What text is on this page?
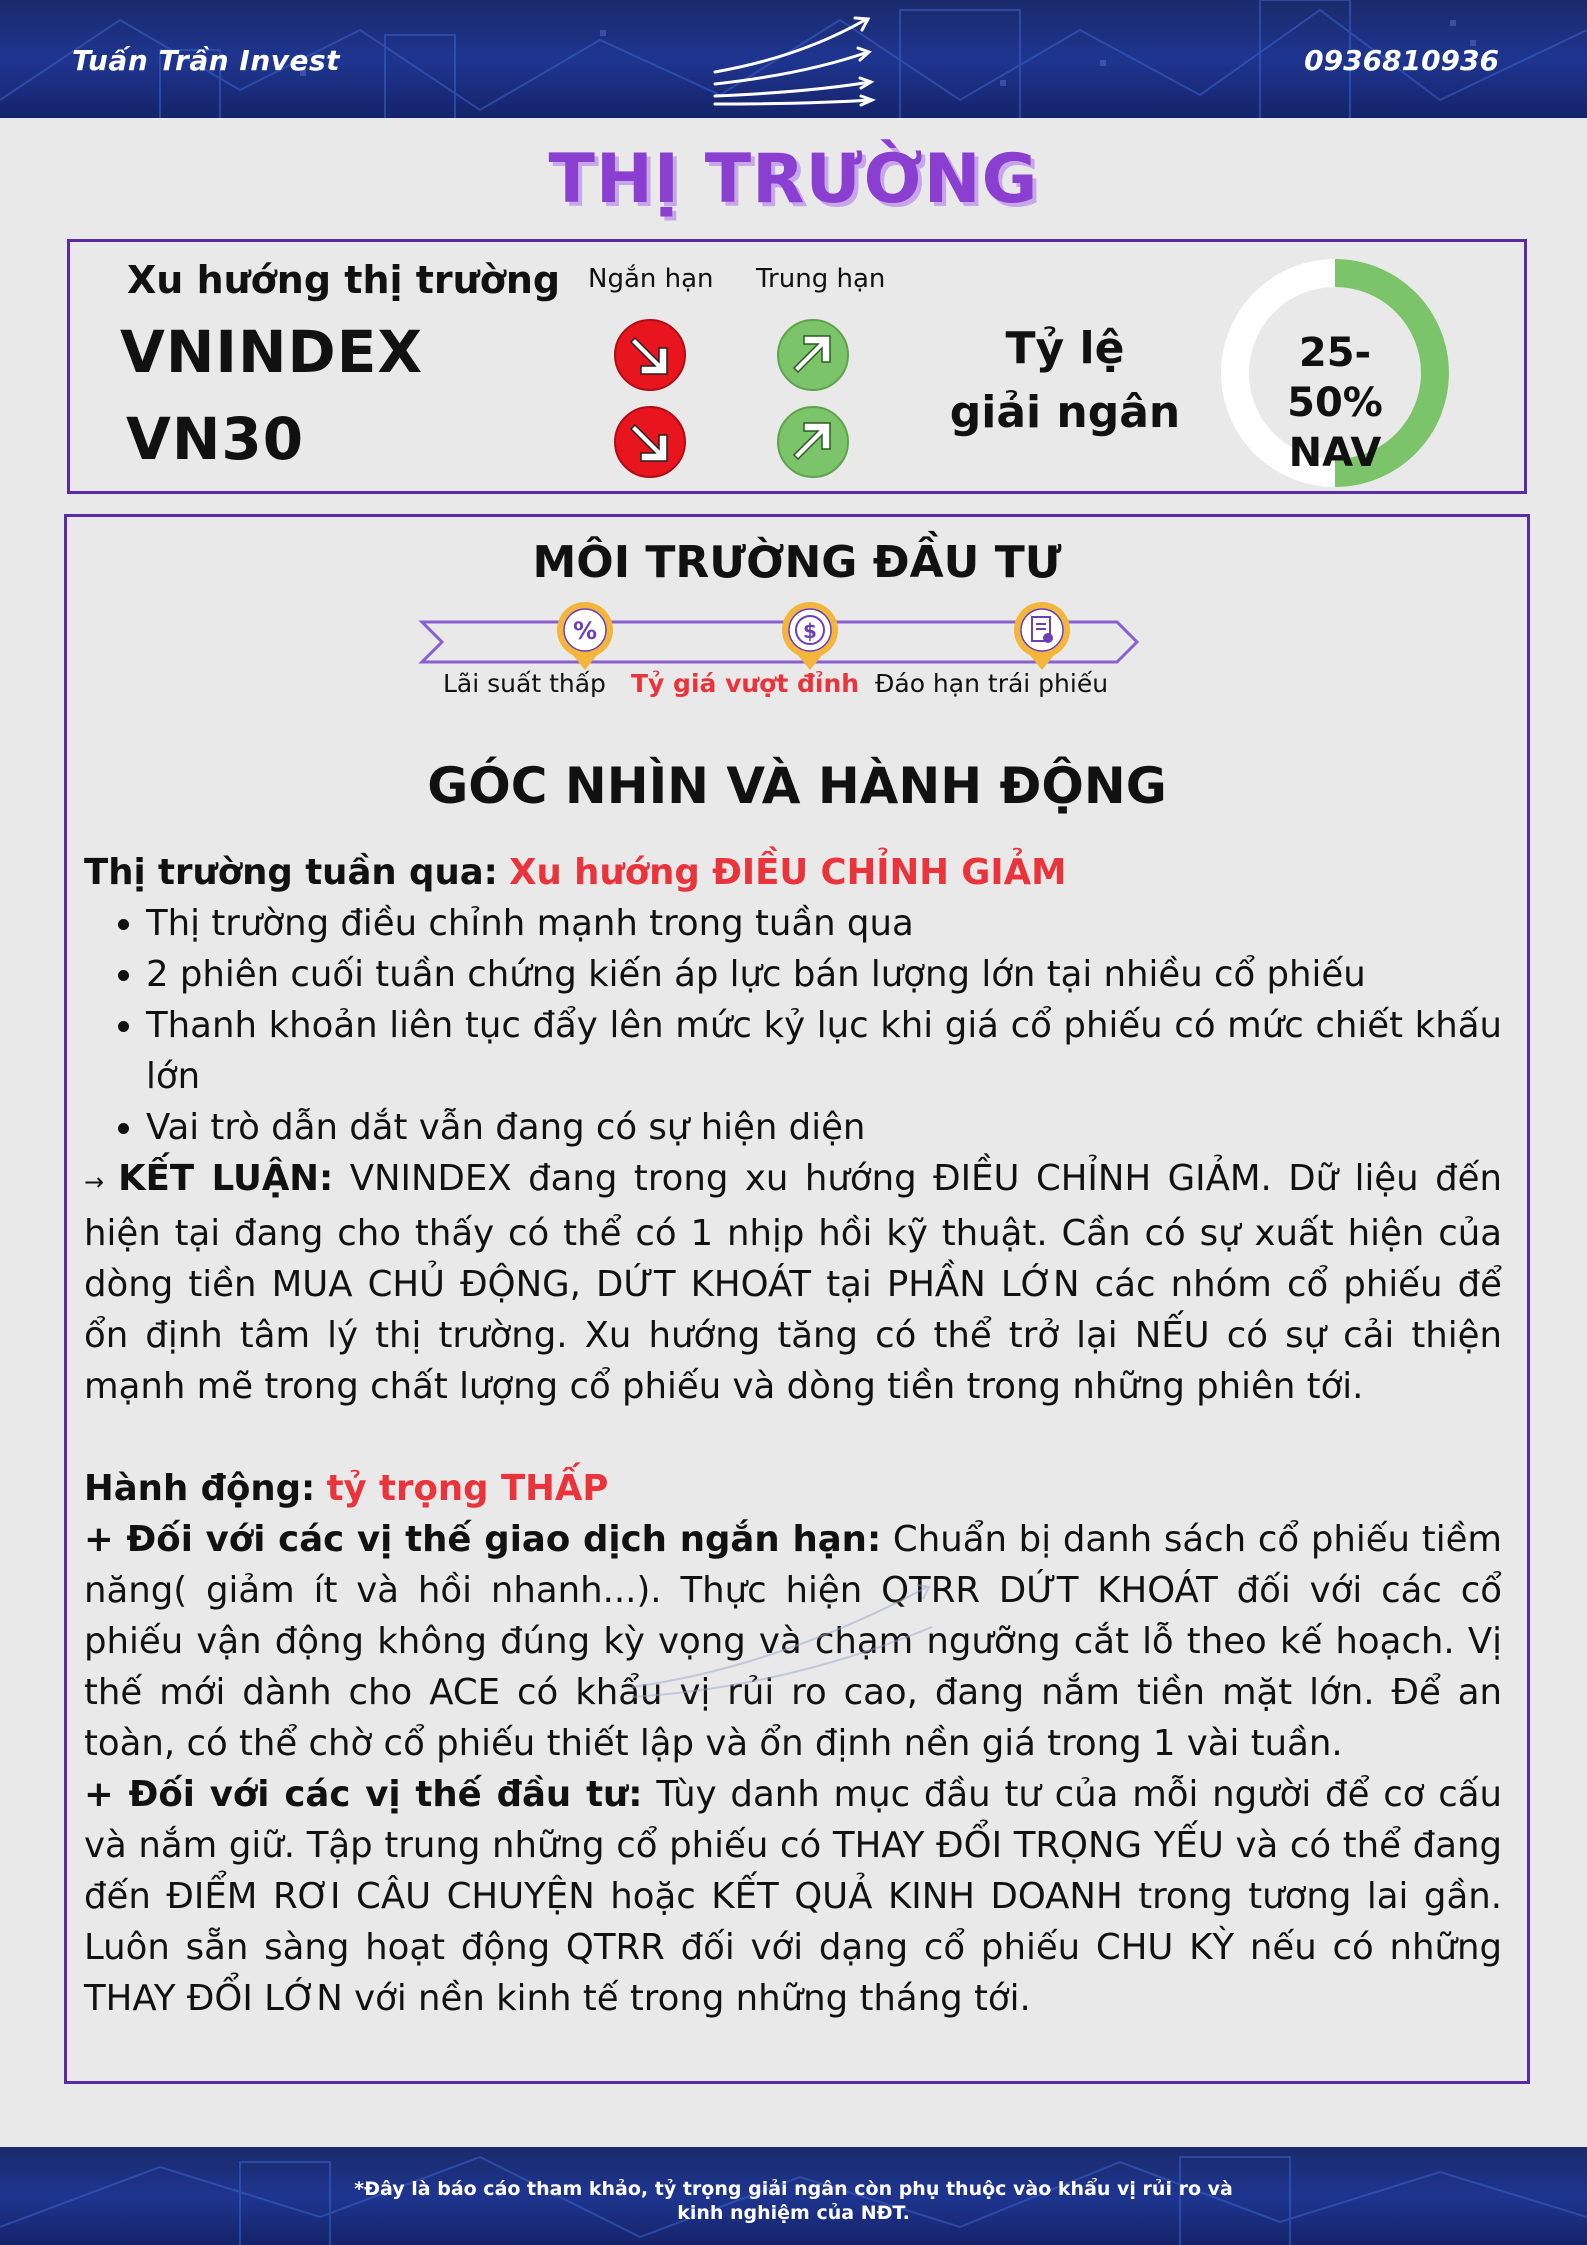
Tuấn Trần Invest	0936810936
THỊ TRƯỜNG
Xu hướng thị trường Ngắn hạn Trung hạn
VNINDEX
VN30
Tỷ lệ
giải ngân
25-50%
NAV
MÔI TRƯỜNG ĐẦU TƯ
%	$
Lãi suất thấp Tỷ giá vượt đỉnh Đáo hạn trái phiếu
GÓC NHÌN VÀ HÀNH ĐỘNG

Thị trường tuần qua: Xu hướng ĐIỀU CHỈNH GIẢM

• Thị trường điều chỉnh mạnh trong tuần qua
• 2 phiên cuối tuần chứng kiến áp lực bán lượng lớn tại nhiều cổ phiếu
• Thanh khoản liên tục đẩy lên mức kỷ lục khi giá cổ phiếu có mức chiết khấu lớn
• Vai trò dẫn dắt vẫn đang có sự hiện diện

→ KẾT LUẬN: VNINDEX đang trong xu hướng ĐIỀU CHỈNH GIẢM. Dữ liệu đến hiện tại đang cho thấy có thể có 1 nhịp hồi kỹ thuật. Cần có sự xuất hiện của dòng tiền MUA CHỦ ĐỘNG, DỨT KHOÁT tại PHẦN LỚN các nhóm cổ phiếu để ổn định tâm lý thị trường. Xu hướng tăng có thể trở lại NẾU có sự cải thiện mạnh mẽ trong chất lượng cổ phiếu và dòng tiền trong những phiên tới.

Hành động: tỷ trọng THẤP

+ Đối với các vị thế giao dịch ngắn hạn: Chuẩn bị danh sách cổ phiếu tiềm năng( giảm ít và hồi nhanh...). Thực hiện QTRR DỨT KHOÁT đối với các cổ phiếu vận động không đúng kỳ vọng và chạm ngưỡng cắt lỗ theo kế hoạch. Vị thế mới dành cho ACE có khẩu vị rủi ro cao, đang nắm tiền mặt lớn. Để an toàn, có thể chờ cổ phiếu thiết lập và ổn định nền giá trong 1 vài tuần.

+ Đối với các vị thế đầu tư: Tùy danh mục đầu tư của mỗi người để cơ cấu và nắm giữ. Tập trung những cổ phiếu có THAY ĐỔI TRỌNG YẾU và có thể đang đến ĐIỂM RƠI CÂU CHUYỆN hoặc KẾT QUẢ KINH DOANH trong tương lai gần. Luôn sẵn sàng hoạt động QTRR đối với dạng cổ phiếu CHU KỲ nếu có những THAY ĐỔI LỚN với nền kinh tế trong những tháng tới.

*Đây là báo cáo tham khảo, tỷ trọng giải ngân còn phụ thuộc vào khẩu vị rủi ro và
kinh nghiệm của NĐT.
